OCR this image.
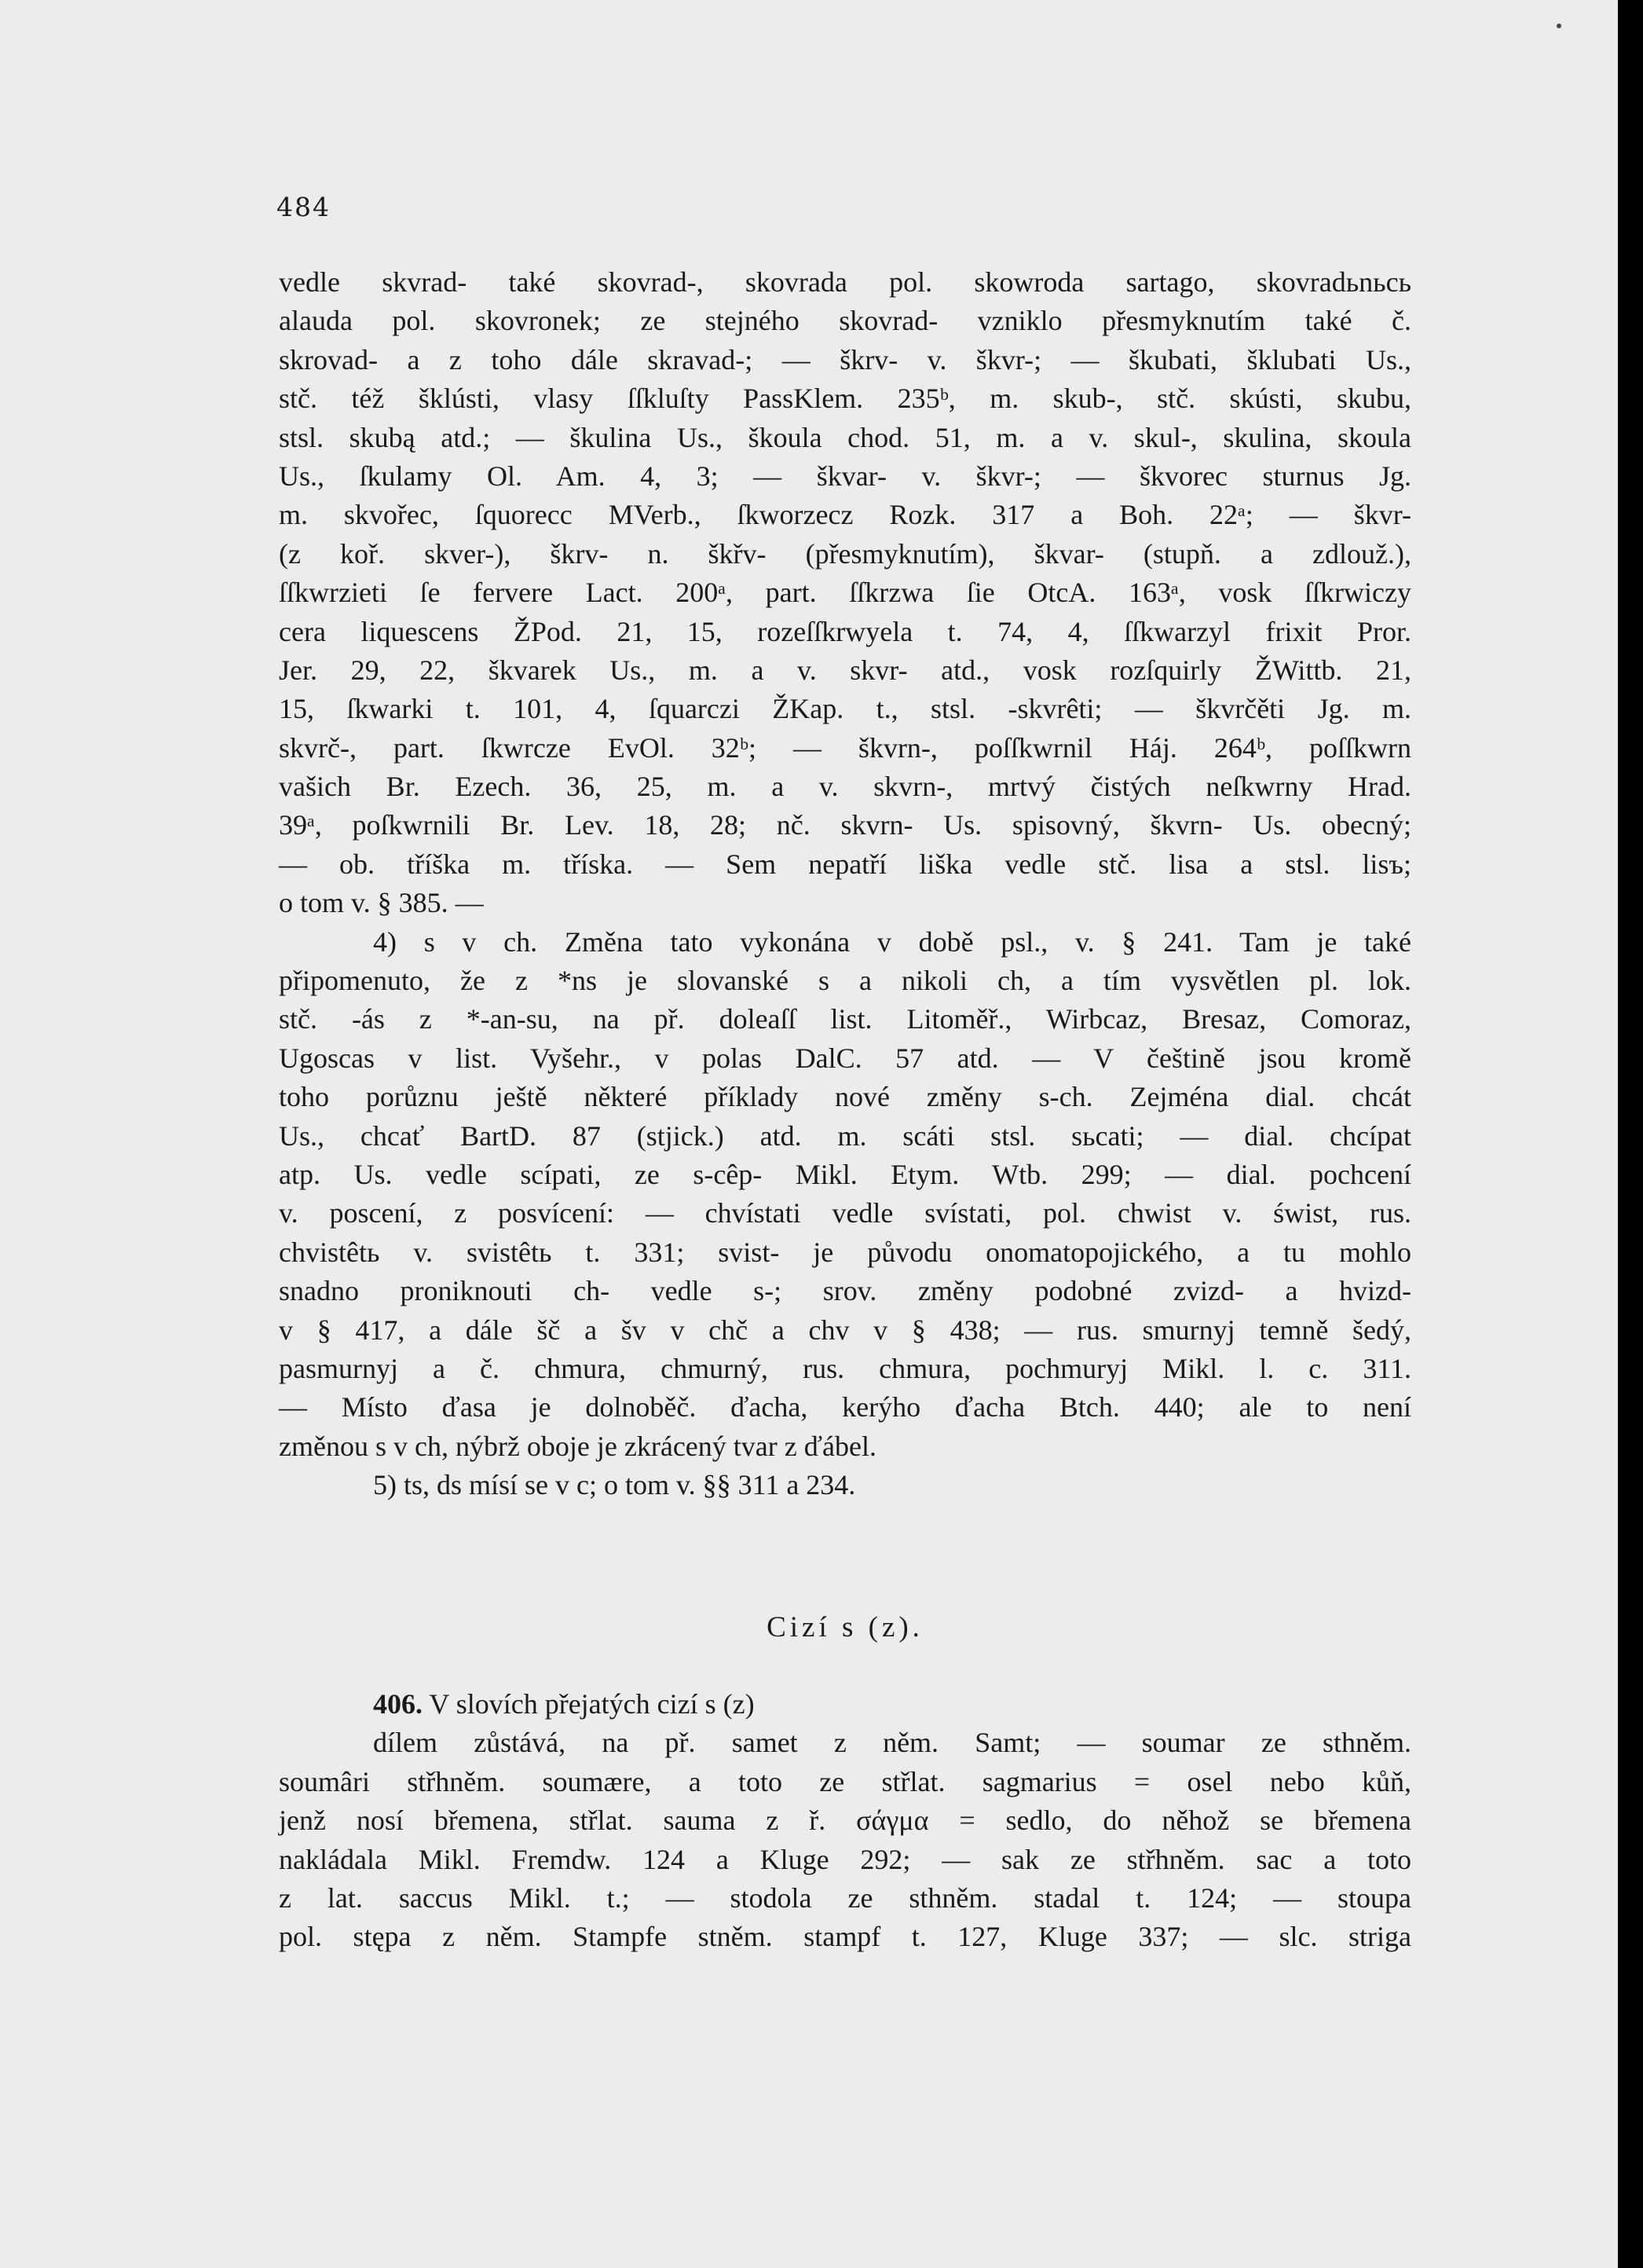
484
vedle skvrad- také skovrad-, skovrada pol. skowroda sartago, skovradьnьcь
alauda pol. skovronek; ze stejného skovrad- vzniklo přesmyknutím také č.
skrovad- a z toho dále skravad-; — škrv- v. škvr-; — škubati, šklubati Us.,
stč. též šklústi, vlasy ſſkluſty PassKlem. 235ᵇ, m. skub-, stč. skústi, skubu,
stsl. skubą atd.; — škulina Us., škoula chod. 51, m. a v. skul-, skulina, skoula
Us., ſkulamy Ol. Am. 4, 3; — škvar- v. škvr-; — škvorec sturnus Jg.
m. skvořec, ſquorecc MVerb., ſkworzecz Rozk. 317 a Boh. 22ᵃ; — škvr-
(z koř. skver-), škrv- n. škřv- (přesmyknutím), škvar- (stupň. a zdlouž.),
ſſkwrzieti ſe fervere Lact. 200ᵃ, part. ſſkrzwa ſie OtcA. 163ᵃ, vosk ſſkrwiczy
cera liquescens ŽPod. 21, 15, rozeſſkrwyela t. 74, 4, ſſkwarzyl frixit Pror.
Jer. 29, 22, škvarek Us., m. a v. skvr- atd., vosk rozſquirly ŽWittb. 21,
15, ſkwarki t. 101, 4, ſquarczi ŽKap. t., stsl. -skvrêti; — škvrčěti Jg. m.
skvrč-, part. ſkwrcze EvOl. 32ᵇ; — škvrn-, poſſkwrnil Háj. 264ᵇ, poſſkwrn
vašich Br. Ezech. 36, 25, m. a v. skvrn-, mrtvý čistých neſkwrny Hrad.
39ᵃ, poſkwrnili Br. Lev. 18, 28; nč. skvrn- Us. spisovný, škvrn- Us. obecný;
— ob. tříška m. tříska. — Sem nepatří liška vedle stč. lisa a stsl. lisъ;
o tom v. § 385. —
4) s v ch. Změna tato vykonána v době psl., v. § 241. Tam je také
připomenuto, že z *ns je slovanské s a nikoli ch, a tím vysvětlen pl. lok.
stč. -ás z *-an-su, na př. doleaſſ list. Litoměř., Wirbcaz, Bresaz, Comoraz,
Ugoscas v list. Vyšehr., v polas DalC. 57 atd. — V češtině jsou kromě
toho porůznu ještě některé příklady nové změny s-ch. Zejména dial. chcát
Us., chcať BartD. 87 (stjick.) atd. m. scáti stsl. sьcati; — dial. chcípat
atp. Us. vedle scípati, ze s-cêp- Mikl. Etym. Wtb. 299; — dial. pochcení
v. poscení, z posvícení: — chvístati vedle svístati, pol. chwist v. świst, rus.
chvistêtь v. svistêtь t. 331; svist- je původu onomatopojického, a tu mohlo
snadno proniknouti ch- vedle s-; srov. změny podobné zvizd- a hvizd-
v § 417, a dále šč a šv v chč a chv v § 438; — rus. smurnyj temně šedý,
pasmurnyj a č. chmura, chmurný, rus. chmura, pochmuryj Mikl. l. c. 311.
— Místo ďasa je dolnoběč. ďacha, kerýho ďacha Btch. 440; ale to není
změnou s v ch, nýbrž oboje je zkrácený tvar z ďábel.
5) ts, ds mísí se v c; o tom v. §§ 311 a 234.
Cizí s (z).
406. V slovích přejatých cizí s (z)
dílem zůstává, na př. samet z něm. Samt; — soumar ze sthněm.
soumâri střhněm. soumære, a toto ze střlat. sagmarius = osel nebo kůň,
jenž nosí břemena, střlat. sauma z ř. σάγμα = sedlo, do něhož se břemena
nakládala Mikl. Fremdw. 124 a Kluge 292; — sak ze střhněm. sac a toto
z lat. saccus Mikl. t.; — stodola ze sthněm. stadal t. 124; — stoupa
pol. stępa z něm. Stampfe stněm. stampf t. 127, Kluge 337; — slc. striga
